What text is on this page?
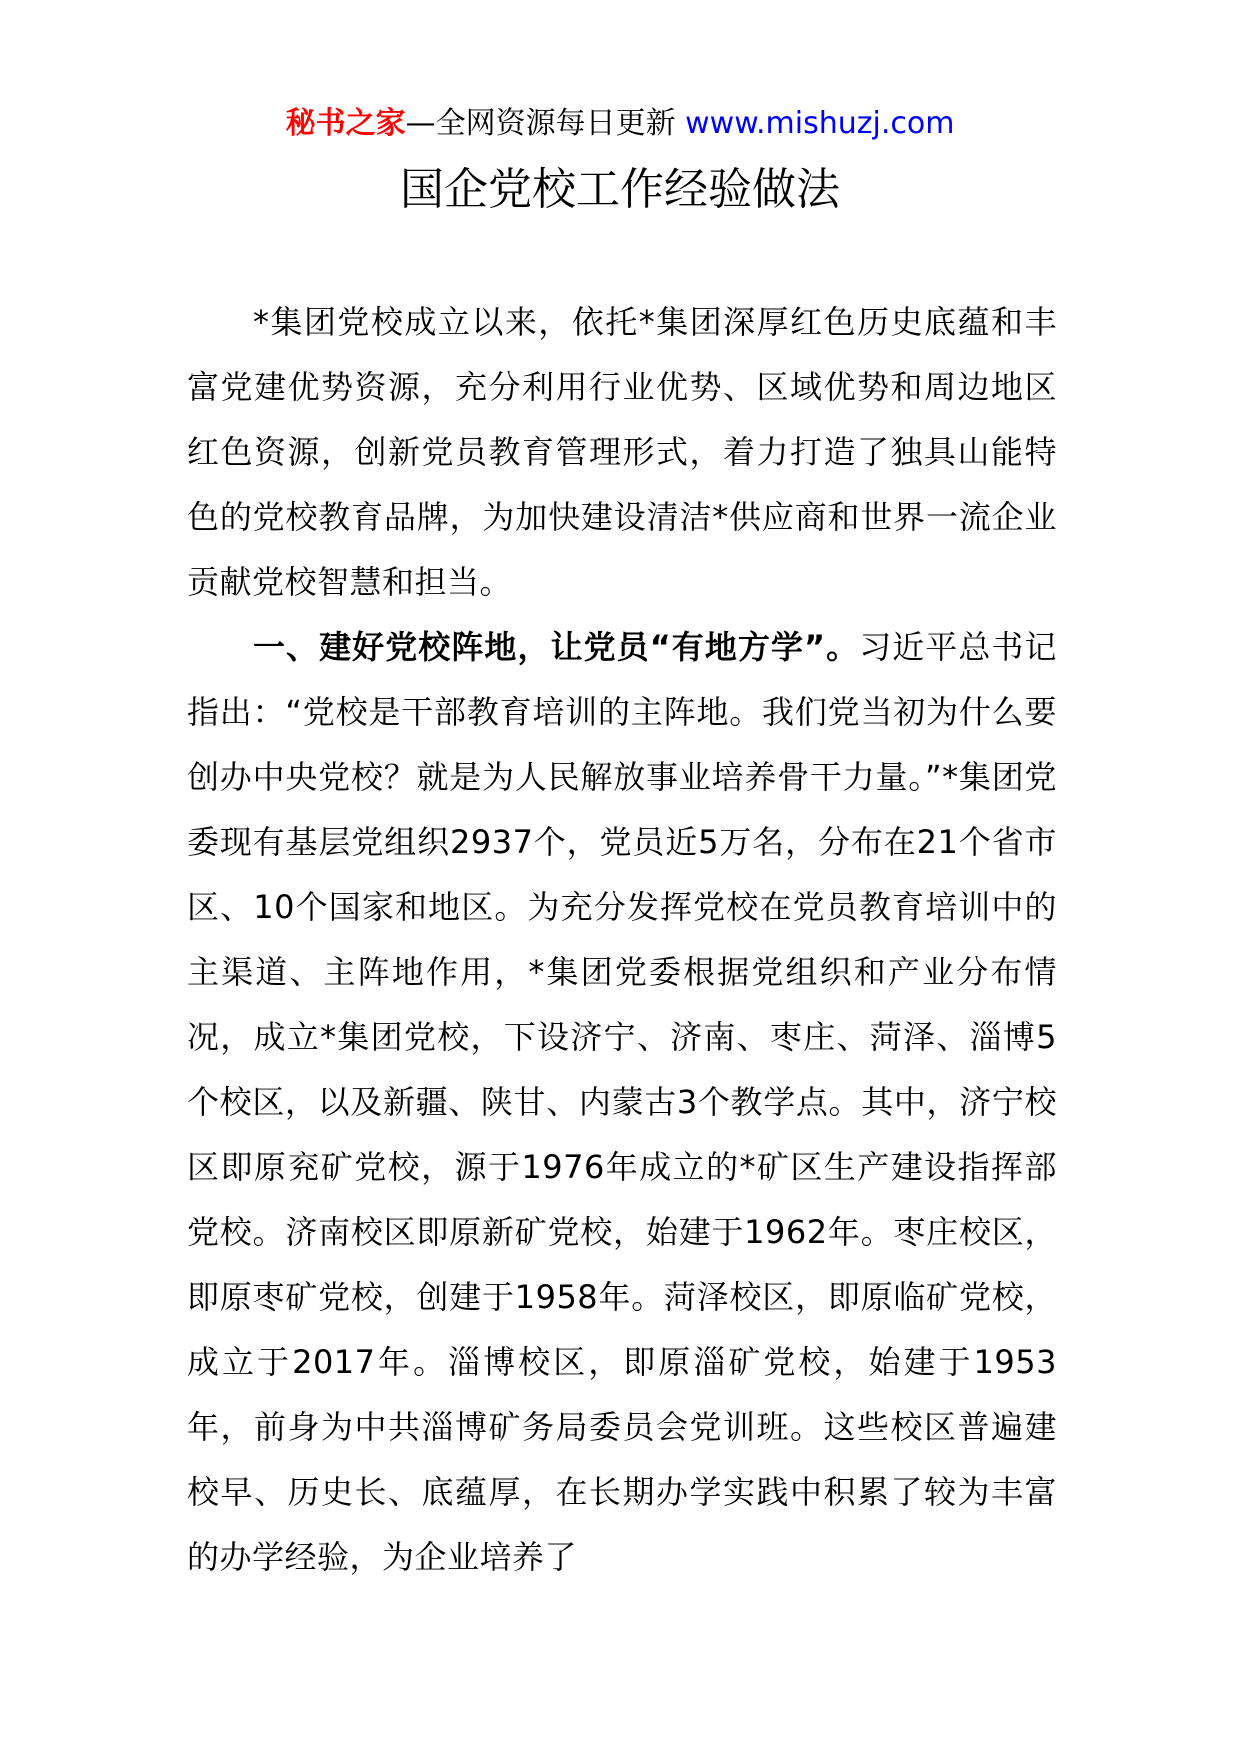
秘书之家—全网资源每日更新 www.mishuzj.com
国企党校工作经验做法

*集团党校成立以来，依托*集团深厚红色历史底蕴和丰富党建优势资源，充分利用行业优势、区域优势和周边地区红色资源，创新党员教育管理形式，着力打造了独具山能特色的党校教育品牌，为加快建设清洁*供应商和世界一流企业贡献党校智慧和担当。

一、建好党校阵地，让党员“有地方学”。习近平总书记指出：“党校是干部教育培训的主阵地。我们党当初为什么要创办中央党校？就是为人民解放事业培养骨干力量。”*集团党委现有基层党组织2937个，党员近5万名，分布在21个省市区、10个国家和地区。为充分发挥党校在党员教育培训中的主渠道、主阵地作用，*集团党委根据党组织和产业分布情况，成立*集团党校，下设济宁、济南、枣庄、菏泽、淄博5个校区，以及新疆、陕甘、内蒙古3个教学点。其中，济宁校区即原兖矿党校，源于1976年成立的*矿区生产建设指挥部党校。济南校区即原新矿党校，始建于1962年。枣庄校区，即原枣矿党校，创建于1958年。菏泽校区，即原临矿党校，成立于2017年。淄博校区，即原淄矿党校，始建于1953年，前身为中共淄博矿务局委员会党训班。这些校区普遍建校早、历史长、底蕴厚，在长期办学实践中积累了较为丰富的办学经验，为企业培养了
